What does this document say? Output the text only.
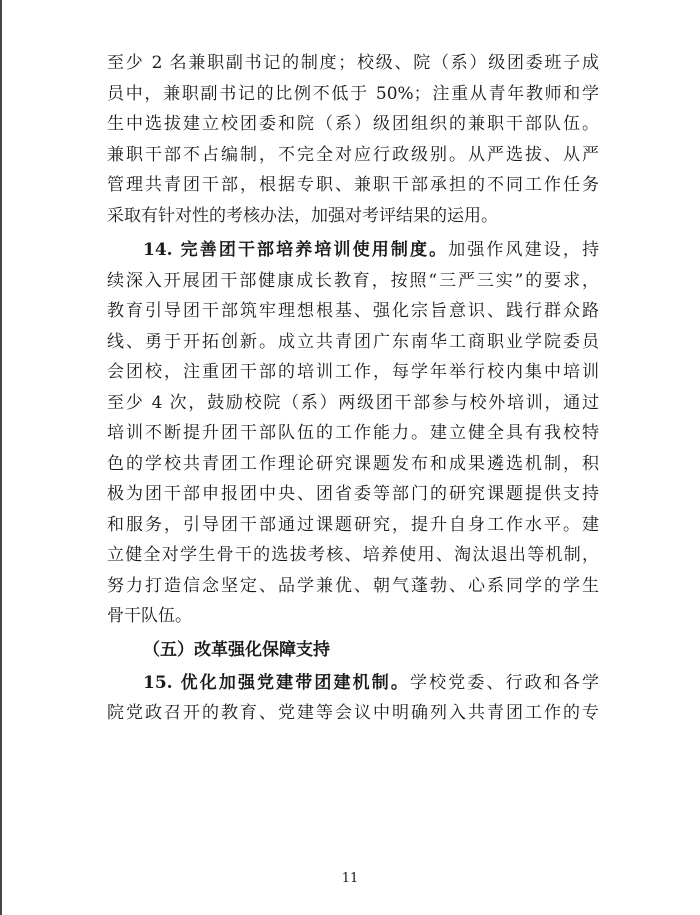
至少 2 名兼职副书记的制度；校级、院（系）级团委班子成
员中，兼职副书记的比例不低于 50%；注重从青年教师和学
生中选拔建立校团委和院（系）级团组织的兼职干部队伍。
兼职干部不占编制，不完全对应行政级别。从严选拔、从严
管理共青团干部，根据专职、兼职干部承担的不同工作任务
采取有针对性的考核办法，加强对考评结果的运用。
14. 完善团干部培养培训使用制度。加强作风建设，持
续深入开展团干部健康成长教育，按照“三严三实”的要求，
教育引导团干部筑牢理想根基、强化宗旨意识、践行群众路
线、勇于开拓创新。成立共青团广东南华工商职业学院委员
会团校，注重团干部的培训工作，每学年举行校内集中培训
至少 4 次，鼓励校院（系）两级团干部参与校外培训，通过
培训不断提升团干部队伍的工作能力。建立健全具有我校特
色的学校共青团工作理论研究课题发布和成果遴选机制，积
极为团干部申报团中央、团省委等部门的研究课题提供支持
和服务，引导团干部通过课题研究，提升自身工作水平。建
立健全对学生骨干的选拔考核、培养使用、淘汰退出等机制，
努力打造信念坚定、品学兼优、朝气蓬勃、心系同学的学生
骨干队伍。
（五）改革强化保障支持
15. 优化加强党建带团建机制。学校党委、行政和各学
院党政召开的教育、党建等会议中明确列入共青团工作的专
11
